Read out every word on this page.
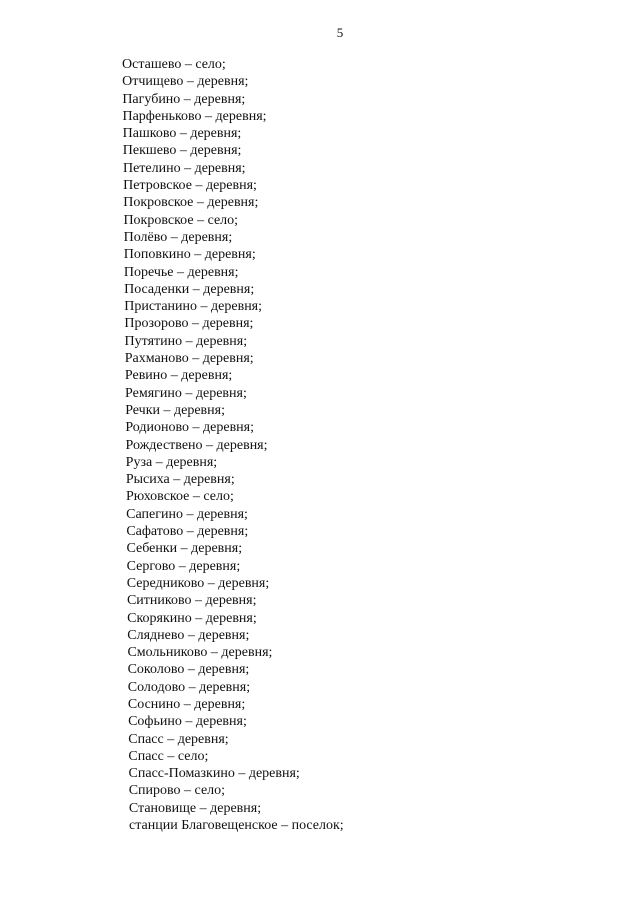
5
Осташево – село;
Отчищево – деревня;
Пагубино – деревня;
Парфеньково – деревня;
Пашково – деревня;
Пекшево – деревня;
Петелино – деревня;
Петровское – деревня;
Покровское – деревня;
Покровское – село;
Полёво – деревня;
Поповкино – деревня;
Поречье – деревня;
Посаденки – деревня;
Пристанино – деревня;
Прозорово – деревня;
Путятино – деревня;
Рахманово – деревня;
Ревино – деревня;
Ремягино – деревня;
Речки – деревня;
Родионово – деревня;
Рождествено – деревня;
Руза – деревня;
Рысиха – деревня;
Рюховское – село;
Сапегино – деревня;
Сафатово – деревня;
Себенки – деревня;
Сергово – деревня;
Середниково – деревня;
Ситниково – деревня;
Скорякино – деревня;
Сляднево – деревня;
Смольниково – деревня;
Соколово – деревня;
Солодово – деревня;
Соснино – деревня;
Софьино – деревня;
Спасс – деревня;
Спасс – село;
Спасс-Помазкино – деревня;
Спирово – село;
Становище – деревня;
станции Благовещенское – поселок;
